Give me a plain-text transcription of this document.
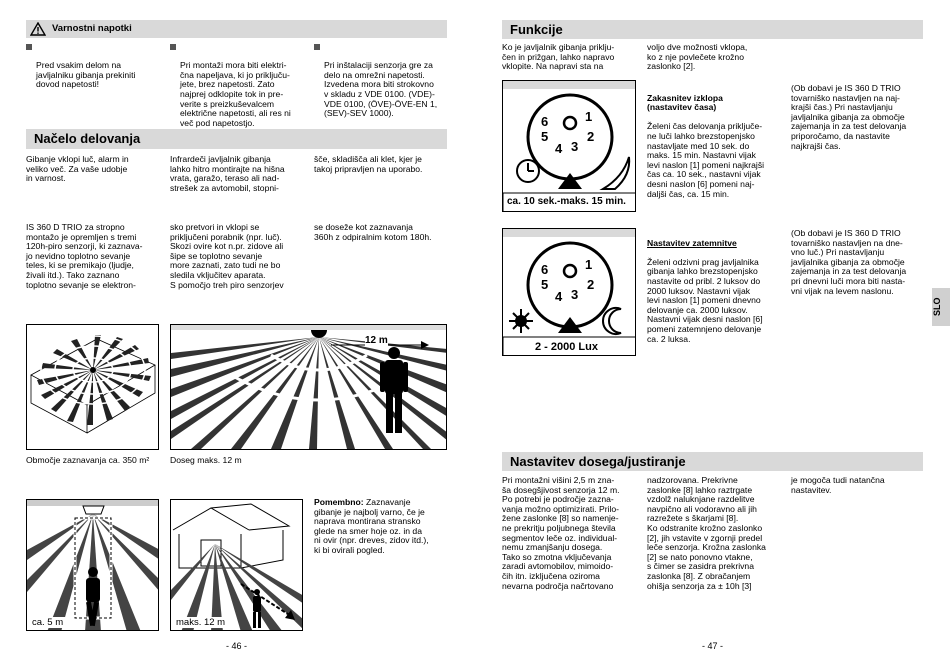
Varnostni napotki

Pred vsakim delom na
javljalniku gibanja prekiniti
dovod napetosti!

Pri montaži mora biti elektri-
čna napeljava, ki jo priključu-
jete, brez napetosti. Zato
najprej odklopite tok in pre-
verite s preizkuševalcem
električne napetosti, ali res ni
več pod napetostjo.

Pri inštalaciji senzorja gre za
delo na omrežni napetosti.
Izvedena mora biti strokovno
v skladu z VDE 0100. (VDE)-
VDE 0100, (ÖVE)-ÖVE-EN 1,
(SEV)-SEV 1000).

Načelo delovanja
Gibanje vklopi luč, alarm in
veliko več. Za vaše udobje
in varnost.
Infrardeči javljalnik gibanja
lahko hitro montirajte na hišna
vrata, garažo, teraso ali nad-
strešek za avtomobil, stopni-
šče, skladišča ali klet, kjer je
takoj pripravljen na uporabo.
IS 360 D TRIO za stropno
montažo je opremljen s tremi
120h-piro senzorji, ki zaznava-
jo nevidno toplotno sevanje
teles, ki se premikajo (ljudje,
živali itd.). Tako zaznano
toplotno sevanje se elektron-
sko pretvori in vklopi se
priključeni porabnik (npr. luč).
Skozi ovire kot n.pr. zidove ali
šipe se toplotno sevanje
more zaznati, zato tudi ne bo
sledila vključitev aparata.
S pomočjo treh piro senzorjev
se doseže kot zaznavanja
360h z odpiralnim kotom 180h.
Območje zaznavanja ca. 350 m²
12 m
Doseg maks. 12 m
ca. 5 m	maks. 12 m
Pomembno: Zaznavanje
gibanje je najbolj varno, če je
naprava montirana stransko
glede na smer hoje oz. in da
ni ovir (npr. dreves, zidov itd.),
ki bi ovirali pogled.
- 46 -
Funkcije
Ko je javljalnik gibanja priklju-
čen in prižgan, lahko napravo
vklopite. Na napravi sta na
voljo dve možnosti vklopa,
ko z nje povlečete krožno
zaslonko [2].
1
2
3
4
5
6
ca. 10 sek.-maks. 15 min.

Zakasnitev izklopa
(nastavitev časa)

Želeni čas delovanja priključe-
ne luči lahko brezstopenjsko
nastavljate med 10 sek. do
maks. 15 min. Nastavni vijak
levi naslon [1] pomeni najkrajši
čas ca. 10 sek., nastavni vijak
desni naslon [6] pomeni naj-
daljši čas, ca. 15 min.

(Ob dobavi je IS 360 D TRIO
tovarniško nastavljen na naj-
krajši čas.) Pri nastavljanju
javljalnika gibanja za območje
zajemanja in za test delovanja
priporočamo, da nastavite
najkrajši čas.
1
2
3
4
5
6
2 - 2000 Lux

Nastavitev zatemnitve

Želeni odzivni prag javljalnika
gibanja lahko brezstopenjsko
nastavite od pribl. 2 luksov do
2000 luksov. Nastavni vijak
levi naslon [1] pomeni dnevno
delovanje ca. 2000 luksov.
Nastavni vijak desni naslon [6]
pomeni zatemnjeno delovanje
ca. 2 luksa.

(Ob dobavi je IS 360 D TRIO
tovarniško nastavljen na dne-
vno luč.) Pri nastavljanju
javljalnika gibanja za območje
zajemanja in za test delovanja
pri dnevni luči mora biti nasta-
vni vijak na levem naslonu.
Nastavitev dosega/justiranje
Pri montažni višini 2,5 m zna-
ša dosegšjivost senzorja 12 m.
Po potrebi je področje zazna-
vanja možno optimizirati. Prilo-
žene zaslonke [8] so namenje-
ne prekritju poljubnega števila
segmentov leče oz. individual-
nemu zmanjšanju dosega.
Tako so zmotna vključevanja
zaradi avtomobilov, mimoido-
čih itn. izključena oziroma
nevarna področja načrtovano
nadzorovana. Prekrivne
zaslonke [8] lahko raztrgate
vzdolž naluknjane razdelitve
navpično ali vodoravno ali jih
razrežete s škarjami [8].
Ko odstranite krožno zaslonko
[2], jih vstavite v zgornji predel
leče senzorja. Krožna zaslonka
[2] se nato ponovno vtakne,
s čimer se zasidra prekrivna
zaslonka [8]. Z obračanjem
ohišja senzorja za ± 10h [3]
je mogoča tudi natančna
nastavitev.
SLO
- 47 -
